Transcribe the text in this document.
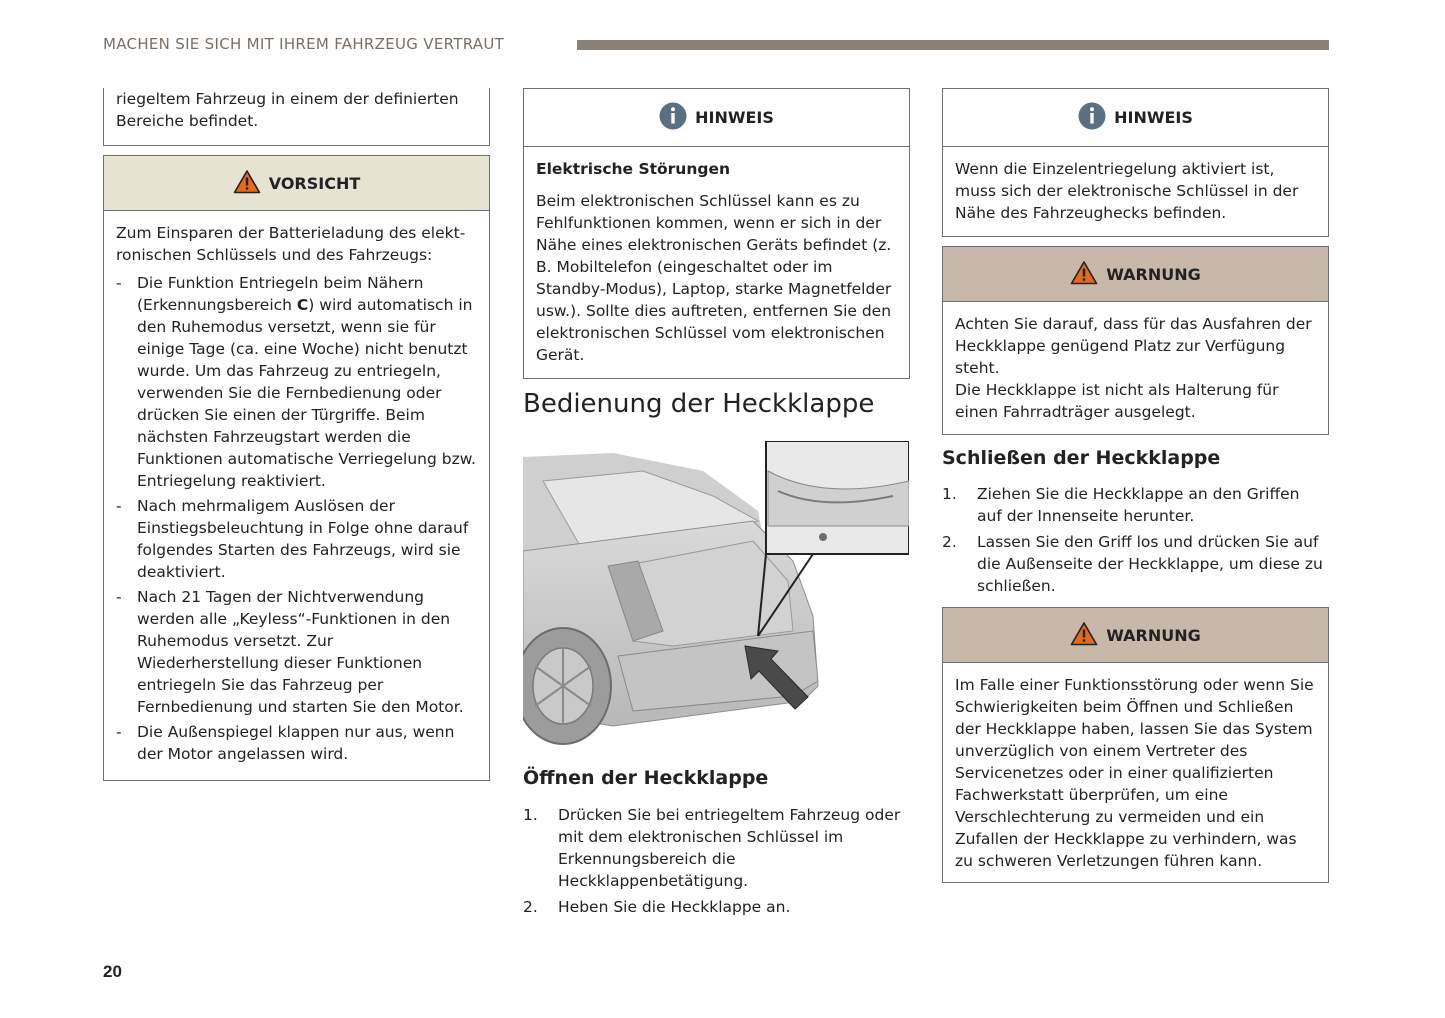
MACHEN SIE SICH MIT IHREM FAHRZEUG VERTRAUT

riegeltem Fahrzeug in einem der definierten Bereiche befindet.

VORSICHT

Zum Einsparen der Batterieladung des elekt-ronischen Schlüssels und des Fahrzeugs:

- Die Funktion Entriegeln beim Nähern (Erkennungsbereich C) wird automatisch in den Ruhemodus versetzt, wenn sie für einige Tage (ca. eine Woche) nicht benutzt wurde. Um das Fahrzeug zu entriegeln, verwenden Sie die Fernbedienung oder drücken Sie einen der Türgriffe. Beim nächsten Fahrzeugstart werden die Funktionen automatische Verriegelung bzw. Entriegelung reaktiviert.
- Nach mehrmaligem Auslösen der Einstiegsbeleuchtung in Folge ohne darauf folgendes Starten des Fahrzeugs, wird sie deaktiviert.
- Nach 21 Tagen der Nichtverwendung werden alle „Keyless“-Funktionen in den Ruhemodus versetzt. Zur Wiederherstellung dieser Funktionen entriegeln Sie das Fahrzeug per Fernbedienung und starten Sie den Motor.
- Die Außenspiegel klappen nur aus, wenn der Motor angelassen wird.
HINWEIS

Elektrische Störungen

Beim elektronischen Schlüssel kann es zu Fehlfunktionen kommen, wenn er sich in der Nähe eines elektronischen Geräts befindet (z. B. Mobiltelefon (eingeschaltet oder im Standby-Modus), Laptop, starke Magnetfelder usw.). Sollte dies auftreten, entfernen Sie den elektronischen Schlüssel vom elektronischen Gerät.

Bedienung der Heckklappe
Öffnen der Heckklappe
1. Drücken Sie bei entriegeltem Fahrzeug oder mit dem elektronischen Schlüssel im Erkennungsbereich die Heckklappenbetätigung.
2. Heben Sie die Heckklappe an.
HINWEIS

Wenn die Einzelentriegelung aktiviert ist, muss sich der elektronische Schlüssel in der Nähe des Fahrzeughecks befinden.

WARNUNG

Achten Sie darauf, dass für das Ausfahren der Heckklappe genügend Platz zur Verfügung steht.

Die Heckklappe ist nicht als Halterung für einen Fahrradträger ausgelegt.

Schließen der Heckklappe
1. Ziehen Sie die Heckklappe an den Griffen auf der Innenseite herunter.
2. Lassen Sie den Griff los und drücken Sie auf die Außenseite der Heckklappe, um diese zu schließen.
WARNUNG

Im Falle einer Funktionsstörung oder wenn Sie Schwierigkeiten beim Öffnen und Schließen der Heckklappe haben, lassen Sie das System unverzüglich von einem Vertreter des Servicenetzes oder in einer qualifizierten Fachwerkstatt überprüfen, um eine Verschlechterung zu vermeiden und ein Zufallen der Heckklappe zu verhindern, was zu schweren Verletzungen führen kann.

20
